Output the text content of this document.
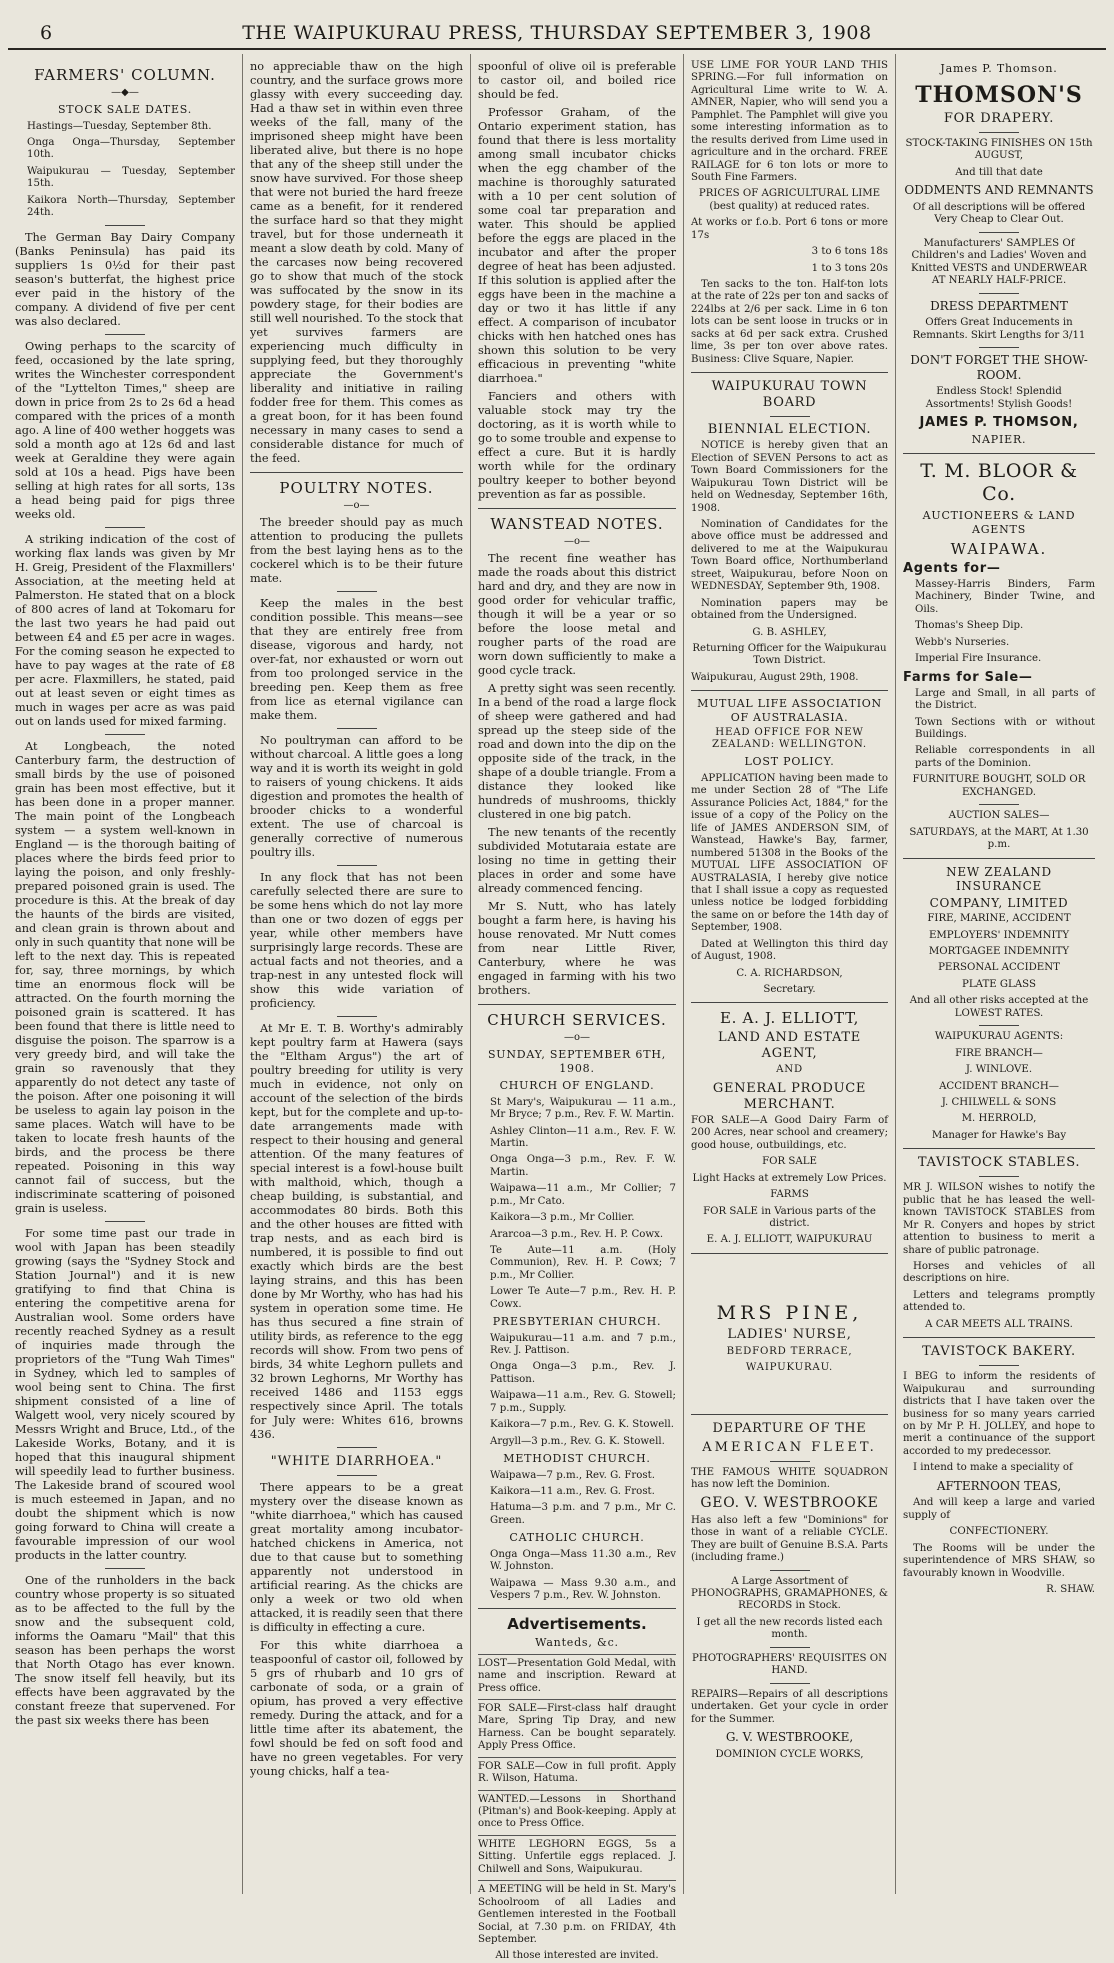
6	THE WAIPUKURAU PRESS, THURSDAY SEPTEMBER 3, 1908
FARMERS' COLUMN.
—◆—
STOCK SALE DATES.

Hastings—Tuesday, September 8th.

Onga Onga—Thursday, September 10th.

Waipukurau — Tuesday, September 15th.

Kaikora North—Thursday, September 24th.

The German Bay Dairy Company (Banks Peninsula) has paid its suppliers 1s 0½d for their past season's butterfat, the highest price ever paid in the history of the company. A dividend of five per cent was also declared.

Owing perhaps to the scarcity of feed, occasioned by the late spring, writes the Winchester correspondent of the "Lyttelton Times," sheep are down in price from 2s to 2s 6d a head compared with the prices of a month ago. A line of 400 wether hoggets was sold a month ago at 12s 6d and last week at Geraldine they were again sold at 10s a head. Pigs have been selling at high rates for all sorts, 13s a head being paid for pigs three weeks old.

A striking indication of the cost of working flax lands was given by Mr H. Greig, President of the Flaxmillers' Association, at the meeting held at Palmerston. He stated that on a block of 800 acres of land at Tokomaru for the last two years he had paid out between £4 and £5 per acre in wages. For the coming season he expected to have to pay wages at the rate of £8 per acre. Flaxmillers, he stated, paid out at least seven or eight times as much in wages per acre as was paid out on lands used for mixed farming.

At Longbeach, the noted Canterbury farm, the destruction of small birds by the use of poisoned grain has been most effective, but it has been done in a proper manner. The main point of the Longbeach system — a system well-known in England — is the thorough baiting of places where the birds feed prior to laying the poison, and only freshly-prepared poisoned grain is used. The procedure is this. At the break of day the haunts of the birds are visited, and clean grain is thrown about and only in such quantity that none will be left to the next day. This is repeated for, say, three mornings, by which time an enormous flock will be attracted. On the fourth morning the poisoned grain is scattered. It has been found that there is little need to disguise the poison. The sparrow is a very greedy bird, and will take the grain so ravenously that they apparently do not detect any taste of the poison. After one poisoning it will be useless to again lay poison in the same places. Watch will have to be taken to locate fresh haunts of the birds, and the process be there repeated. Poisoning in this way cannot fail of success, but the indiscriminate scattering of poisoned grain is useless.

For some time past our trade in wool with Japan has been steadily growing (says the "Sydney Stock and Station Journal") and it is new gratifying to find that China is entering the competitive arena for Australian wool. Some orders have recently reached Sydney as a result of inquiries made through the proprietors of the "Tung Wah Times" in Sydney, which led to samples of wool being sent to China. The first shipment consisted of a line of Walgett wool, very nicely scoured by Messrs Wright and Bruce, Ltd., of the Lakeside Works, Botany, and it is hoped that this inaugural shipment will speedily lead to further business. The Lakeside brand of scoured wool is much esteemed in Japan, and no doubt the shipment which is now going forward to China will create a favourable impression of our wool products in the latter country.

One of the runholders in the back country whose property is so situated as to be affected to the full by the snow and the subsequent cold, informs the Oamaru "Mail" that this season has been perhaps the worst that North Otago has ever known. The snow itself fell heavily, but its effects have been aggravated by the constant freeze that supervened. For the past six weeks there has been

no appreciable thaw on the high country, and the surface grows more glassy with every succeeding day. Had a thaw set in within even three weeks of the fall, many of the imprisoned sheep might have been liberated alive, but there is no hope that any of the sheep still under the snow have survived. For those sheep that were not buried the hard freeze came as a benefit, for it rendered the surface hard so that they might travel, but for those underneath it meant a slow death by cold. Many of the carcases now being recovered go to show that much of the stock was suffocated by the snow in its powdery stage, for their bodies are still well nourished. To the stock that yet survives farmers are experiencing much difficulty in supplying feed, but they thoroughly appreciate the Government's liberality and initiative in railing fodder free for them. This comes as a great boon, for it has been found necessary in many cases to send a considerable distance for much of the feed.

POULTRY NOTES.
—o—

The breeder should pay as much attention to producing the pullets from the best laying hens as to the cockerel which is to be their future mate.

Keep the males in the best condition possible. This means—see that they are entirely free from disease, vigorous and hardy, not over-fat, nor exhausted or worn out from too prolonged service in the breeding pen. Keep them as free from lice as eternal vigilance can make them.

No poultryman can afford to be without charcoal. A little goes a long way and it is worth its weight in gold to raisers of young chickens. It aids digestion and promotes the health of brooder chicks to a wonderful extent. The use of charcoal is generally corrective of numerous poultry ills.

In any flock that has not been carefully selected there are sure to be some hens which do not lay more than one or two dozen of eggs per year, while other members have surprisingly large records. These are actual facts and not theories, and a trap-nest in any untested flock will show this wide variation of proficiency.

At Mr E. T. B. Worthy's admirably kept poultry farm at Hawera (says the "Eltham Argus") the art of poultry breeding for utility is very much in evidence, not only on account of the selection of the birds kept, but for the complete and up-to-date arrangements made with respect to their housing and general attention. Of the many features of special interest is a fowl-house built with malthoid, which, though a cheap building, is substantial, and accommodates 80 birds. Both this and the other houses are fitted with trap nests, and as each bird is numbered, it is possible to find out exactly which birds are the best laying strains, and this has been done by Mr Worthy, who has had his system in operation some time. He has thus secured a fine strain of utility birds, as reference to the egg records will show. From two pens of birds, 34 white Leghorn pullets and 32 brown Leghorns, Mr Worthy has received 1486 and 1153 eggs respectively since April. The totals for July were: Whites 616, browns 436.

"WHITE DIARRHOEA."

There appears to be a great mystery over the disease known as "white diarrhoea," which has caused great mortality among incubator-hatched chickens in America, not due to that cause but to something apparently not understood in artificial rearing. As the chicks are only a week or two old when attacked, it is readily seen that there is difficulty in effecting a cure.

For this white diarrhoea a teaspoonful of castor oil, followed by 5 grs of rhubarb and 10 grs of carbonate of soda, or a grain of opium, has proved a very effective remedy. During the attack, and for a little time after its abatement, the fowl should be fed on soft food and have no green vegetables. For very young chicks, half a tea-

spoonful of olive oil is preferable to castor oil, and boiled rice should be fed.

Professor Graham, of the Ontario experiment station, has found that there is less mortality among small incubator chicks when the egg chamber of the machine is thoroughly saturated with a 10 per cent solution of some coal tar preparation and water. This should be applied before the eggs are placed in the incubator and after the proper degree of heat has been adjusted. If this solution is applied after the eggs have been in the machine a day or two it has little if any effect. A comparison of incubator chicks with hen hatched ones has shown this solution to be very efficacious in preventing "white diarrhoea."

Fanciers and others with valuable stock may try the doctoring, as it is worth while to go to some trouble and expense to effect a cure. But it is hardly worth while for the ordinary poultry keeper to bother beyond prevention as far as possible.

WANSTEAD NOTES.
—o—

The recent fine weather has made the roads about this district hard and dry, and they are now in good order for vehicular traffic, though it will be a year or so before the loose metal and rougher parts of the road are worn down sufficiently to make a good cycle track.

A pretty sight was seen recently. In a bend of the road a large flock of sheep were gathered and had spread up the steep side of the road and down into the dip on the opposite side of the track, in the shape of a double triangle. From a distance they looked like hundreds of mushrooms, thickly clustered in one big patch.

The new tenants of the recently subdivided Motutaraia estate are losing no time in getting their places in order and some have already commenced fencing.

Mr S. Nutt, who has lately bought a farm here, is having his house renovated. Mr Nutt comes from near Little River, Canterbury, where he was engaged in farming with his two brothers.

CHURCH SERVICES.
—o—
SUNDAY, SEPTEMBER 6TH, 1908.
CHURCH OF ENGLAND.

St Mary's, Waipukurau — 11 a.m., Mr Bryce; 7 p.m., Rev. F. W. Martin.

Ashley Clinton—11 a.m., Rev. F. W. Martin.

Onga Onga—3 p.m., Rev. F. W. Martin.

Waipawa—11 a.m., Mr Collier; 7 p.m., Mr Cato.

Kaikora—3 p.m., Mr Collier.

Ararcoa—3 p.m., Rev. H. P. Cowx.

Te Aute—11 a.m. (Holy Communion), Rev. H. P. Cowx; 7 p.m., Mr Collier.

Lower Te Aute—7 p.m., Rev. H. P. Cowx.

PRESBYTERIAN CHURCH.

Waipukurau—11 a.m. and 7 p.m., Rev. J. Pattison.

Onga Onga—3 p.m., Rev. J. Pattison.

Waipawa—11 a.m., Rev. G. Stowell; 7 p.m., Supply.

Kaikora—7 p.m., Rev. G. K. Stowell.

Argyll—3 p.m., Rev. G. K. Stowell.

METHODIST CHURCH.

Waipawa—7 p.m., Rev. G. Frost.

Kaikora—11 a.m., Rev. G. Frost.

Hatuma—3 p.m. and 7 p.m., Mr C. Green.

CATHOLIC CHURCH.

Onga Onga—Mass 11.30 a.m., Rev W. Johnston.

Waipawa — Mass 9.30 a.m., and Vespers 7 p.m., Rev. W. Johnston.

Advertisements.
Wanteds, &c.

LOST—Presentation Gold Medal, with name and inscription. Reward at Press office.

FOR SALE—First-class half draught Mare, Spring Tip Dray, and new Harness. Can be bought separately. Apply Press Office.

FOR SALE—Cow in full profit. Apply R. Wilson, Hatuma.

WANTED.—Lessons in Shorthand (Pitman's) and Book-keeping. Apply at once to Press Office.

WHITE LEGHORN EGGS, 5s a Sitting. Unfertile eggs replaced. J. Chilwell and Sons, Waipukurau.

A MEETING will be held in St. Mary's Schoolroom of all Ladies and Gentlemen interested in the Football Social, at 7.30 p.m. on FRIDAY, 4th September.

All those interested are invited.

USE LIME FOR YOUR LAND THIS SPRING.—For full information on Agricultural Lime write to W. A. AMNER, Napier, who will send you a Pamphlet. The Pamphlet will give you some interesting information as to the results derived from Lime used in agriculture and in the orchard. FREE RAILAGE for 6 ton lots or more to South Fine Farmers.

PRICES OF AGRICULTURAL LIME (best quality) at reduced rates.

At works or f.o.b. Port 6 tons or more 17s

3 to 6 tons 18s

1 to 3 tons 20s

Ten sacks to the ton. Half-ton lots at the rate of 22s per ton and sacks of 224lbs at 2/6 per sack. Lime in 6 ton lots can be sent loose in trucks or in sacks at 6d per sack extra. Crushed lime, 3s per ton over above rates. Business: Clive Square, Napier.

WAIPUKURAU TOWN BOARD
BIENNIAL ELECTION.

NOTICE is hereby given that an Election of SEVEN Persons to act as Town Board Commissioners for the Waipukurau Town District will be held on Wednesday, September 16th, 1908.

Nomination of Candidates for the above office must be addressed and delivered to me at the Waipukurau Town Board office, Northumberland street, Waipukurau, before Noon on WEDNESDAY, September 9th, 1908.

Nomination papers may be obtained from the Undersigned.

G. B. ASHLEY,

Returning Officer for the Waipukurau Town District.

Waipukurau, August 29th, 1908.

MUTUAL LIFE ASSOCIATION OF AUSTRALASIA.
HEAD OFFICE FOR NEW ZEALAND: WELLINGTON.
LOST POLICY.

APPLICATION having been made to me under Section 28 of "The Life Assurance Policies Act, 1884," for the issue of a copy of the Policy on the life of JAMES ANDERSON SIM, of Wanstead, Hawke's Bay, farmer, numbered 51308 in the Books of the MUTUAL LIFE ASSOCIATION OF AUSTRALASIA, I hereby give notice that I shall issue a copy as requested unless notice be lodged forbidding the same on or before the 14th day of September, 1908.

Dated at Wellington this third day of August, 1908.

C. A. RICHARDSON,

Secretary.

E. A. J. ELLIOTT,
LAND AND ESTATE AGENT,
AND
GENERAL PRODUCE MERCHANT.

FOR SALE—A Good Dairy Farm of 200 Acres, near school and creamery; good house, outbuildings, etc.

FOR SALE

Light Hacks at extremely Low Prices.

FARMS

FOR SALE in Various parts of the district.

E. A. J. ELLIOTT, WAIPUKURAU

MRS PINE,
LADIES' NURSE,
BEDFORD TERRACE,
WAIPUKURAU.
DEPARTURE OF THE
AMERICAN FLEET.

THE FAMOUS WHITE SQUADRON has now left the Dominion.

GEO. V. WESTBROOKE

Has also left a few "Dominions" for those in want of a reliable CYCLE. They are built of Genuine B.S.A. Parts (including frame.)

A Large Assortment of PHONOGRAPHS, GRAMAPHONES, & RECORDS in Stock.

I get all the new records listed each month.

PHOTOGRAPHERS' REQUISITES ON HAND.

REPAIRS—Repairs of all descriptions undertaken. Get your cycle in order for the Summer.

G. V. WESTBROOKE,

DOMINION CYCLE WORKS,

James P. Thomson.
THOMSON'S
FOR DRAPERY.

STOCK-TAKING FINISHES ON 15th AUGUST,

And till that date

ODDMENTS AND REMNANTS

Of all descriptions will be offered Very Cheap to Clear Out.

Manufacturers' SAMPLES Of Children's and Ladies' Woven and Knitted VESTS and UNDERWEAR AT NEARLY HALF-PRICE.

DRESS DEPARTMENT

Offers Great Inducements in Remnants. Skirt Lengths for 3/11

DON'T FORGET THE SHOW-ROOM.

Endless Stock! Splendid Assortments! Stylish Goods!

JAMES P. THOMSON,
NAPIER.
T. M. BLOOR & Co.
AUCTIONEERS & LAND AGENTS
WAIPAWA.
Agents for—

Massey-Harris Binders, Farm Machinery, Binder Twine, and Oils.

Thomas's Sheep Dip.

Webb's Nurseries.

Imperial Fire Insurance.

Farms for Sale—

Large and Small, in all parts of the District.

Town Sections with or without Buildings.

Reliable correspondents in all parts of the Dominion.

FURNITURE BOUGHT, SOLD OR EXCHANGED.

AUCTION SALES—

SATURDAYS, at the MART, At 1.30 p.m.

NEW ZEALAND INSURANCE
COMPANY, LIMITED

FIRE, MARINE, ACCIDENT

EMPLOYERS' INDEMNITY

MORTGAGEE INDEMNITY

PERSONAL ACCIDENT

PLATE GLASS

And all other risks accepted at the LOWEST RATES.

WAIPUKURAU AGENTS:

FIRE BRANCH—

J. WINLOVE.

ACCIDENT BRANCH—

J. CHILWELL & SONS

M. HERROLD,

Manager for Hawke's Bay

TAVISTOCK STABLES.

MR J. WILSON wishes to notify the public that he has leased the well-known TAVISTOCK STABLES from Mr R. Conyers and hopes by strict attention to business to merit a share of public patronage.

Horses and vehicles of all descriptions on hire.

Letters and telegrams promptly attended to.

A CAR MEETS ALL TRAINS.

TAVISTOCK BAKERY.

I BEG to inform the residents of Waipukurau and surrounding districts that I have taken over the business for so many years carried on by Mr P. H. JOLLEY, and hope to merit a continuance of the support accorded to my predecessor.

I intend to make a speciality of

AFTERNOON TEAS,

And will keep a large and varied supply of

CONFECTIONERY.

The Rooms will be under the superintendence of MRS SHAW, so favourably known in Woodville.

R. SHAW.
